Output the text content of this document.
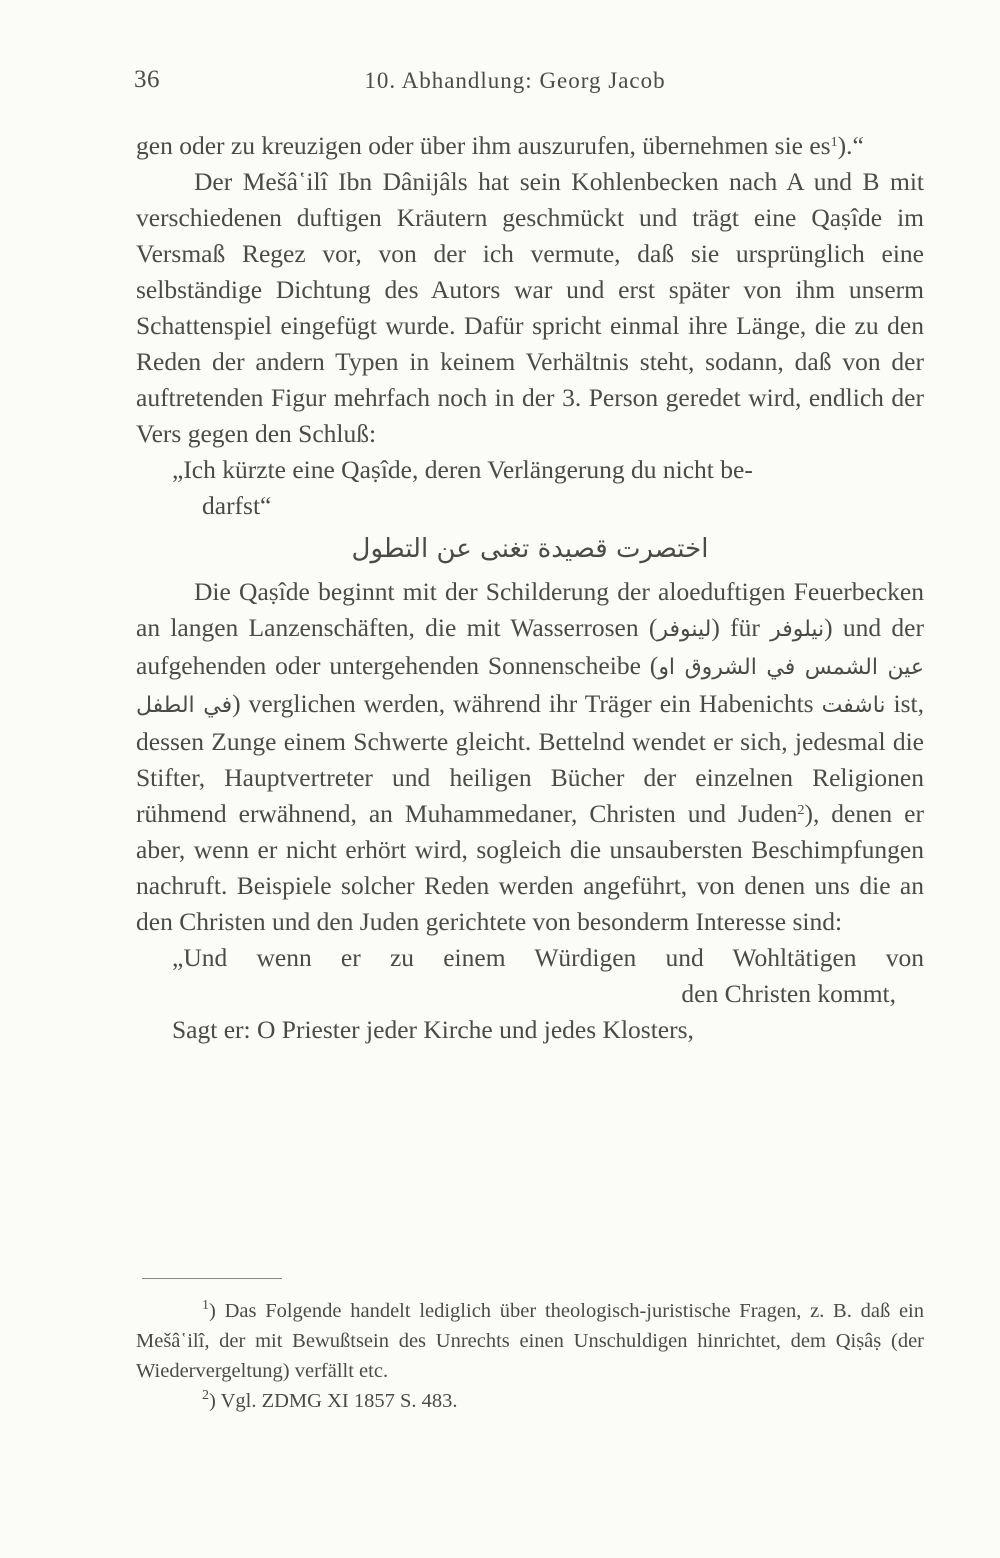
36	10. Abhandlung: Georg Jacob

gen oder zu kreuzigen oder über ihm auszurufen, übernehmen sie $es^1).“$

Der Mešâ῾ilî Ibn Dânijâls hat sein Kohlenbecken nach A und B mit verschiedenen duftigen Kräutern geschmückt und trägt eine Qaṣîde im Versmaß Regez vor, von der ich vermute, daß sie ursprünglich eine selbständige Dichtung des Autors war und erst später von ihm unserm Schattenspiel eingefügt wurde. Dafür spricht einmal ihre Länge, die zu den Reden der andern Typen in keinem Verhältnis steht, sodann, daß von der auftretenden Figur mehrfach noch in der 3. Person geredet wird, endlich der Vers gegen den Schluß:

„Ich kürzte eine Qaṣîde, deren Verlängerung du nicht be-

darfst“

اختصرت قصيدة تغنى عن التطول

Die Qaṣîde beginnt mit der Schilderung der aloeduftigen Feuerbecken an langen Lanzenschäften, die mit Wasserrosen (لينوفر) für نيلوفر) und der aufgehenden oder untergehenden Sonnenscheibe (عين الشمس في الشروق او في الطفل) verglichen werden, während ihr Träger ein Habenichts ناشفت ist, dessen Zunge einem Schwerte gleicht. Bettelnd wendet er sich, jedesmal die Stifter, Hauptvertreter und heiligen Bücher der einzelnen Religionen rühmend erwähnend, an Muhammedaner, Christen und Juden$^2$), denen er aber, wenn er nicht erhört wird, sogleich die unsaubersten Beschimpfungen nachruft. Beispiele solcher Reden werden angeführt, von denen uns die an den Christen und den Juden gerichtete von besonderm Interesse sind:

„Und wenn er zu einem Würdigen und Wohltätigen von

den Christen kommt,

Sagt er: O Priester jeder Kirche und jedes Klosters,

$^1$) Das Folgende handelt lediglich über theologisch-juristische Fragen, z. B. daß ein Mešâ῾ilî, der mit Bewußtsein des Unrechts einen Unschuldigen hinrichtet, dem Qiṣâṣ (der Wiedervergeltung) verfällt etc.

$^2$) Vgl. ZDMG XI 1857 S. 483.
